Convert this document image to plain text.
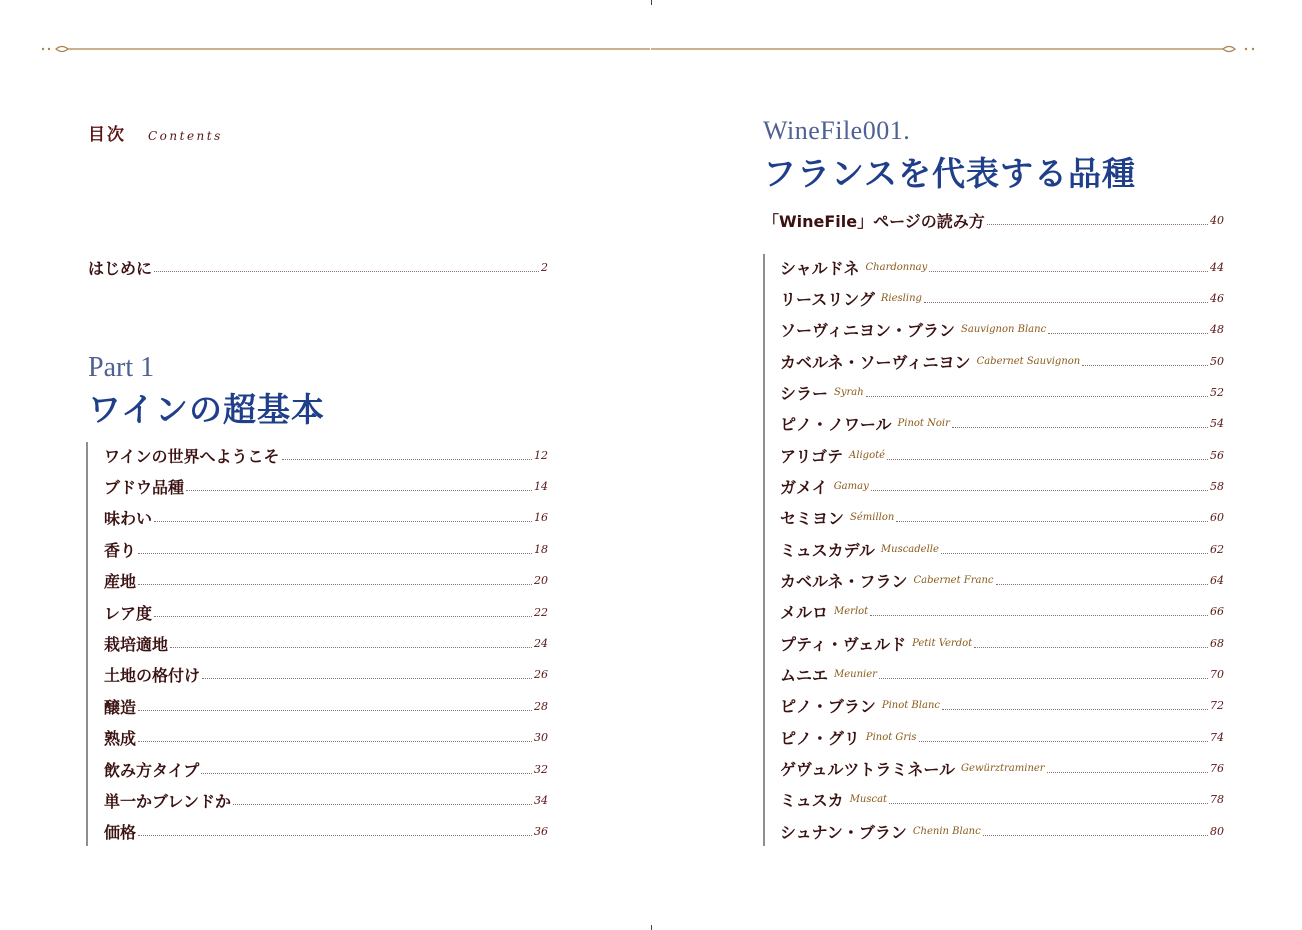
目次 Contents
はじめに	2
Part 1
ワインの超基本
ワインの世界へようこそ	12
ブドウ品種	14
味わい	16
香り	18
産地	20
レア度	22
栽培適地	24
土地の格付け	26
醸造	28
熟成	30
飲み方タイプ	32
単一かブレンドか	34
価格	36
WineFile001.
フランスを代表する品種
「WineFile」ページの読み方	40
シャルドネ Chardonnay	44
リースリング Riesling	46
ソーヴィニヨン・ブラン Sauvignon Blanc	48
カベルネ・ソーヴィニヨン Cabernet Sauvignon	50
シラー Syrah	52
ピノ・ノワール Pinot Noir	54
アリゴテ Aligoté	56
ガメイ Gamay	58
セミヨン Sémillon	60
ミュスカデル Muscadelle	62
カベルネ・フラン Cabernet Franc	64
メルロ Merlot	66
プティ・ヴェルド Petit Verdot	68
ムニエ Meunier	70
ピノ・ブラン Pinot Blanc	72
ピノ・グリ Pinot Gris	74
ゲヴュルツトラミネール Gewürztraminer	76
ミュスカ Muscat	78
シュナン・ブラン Chenin Blanc	80
